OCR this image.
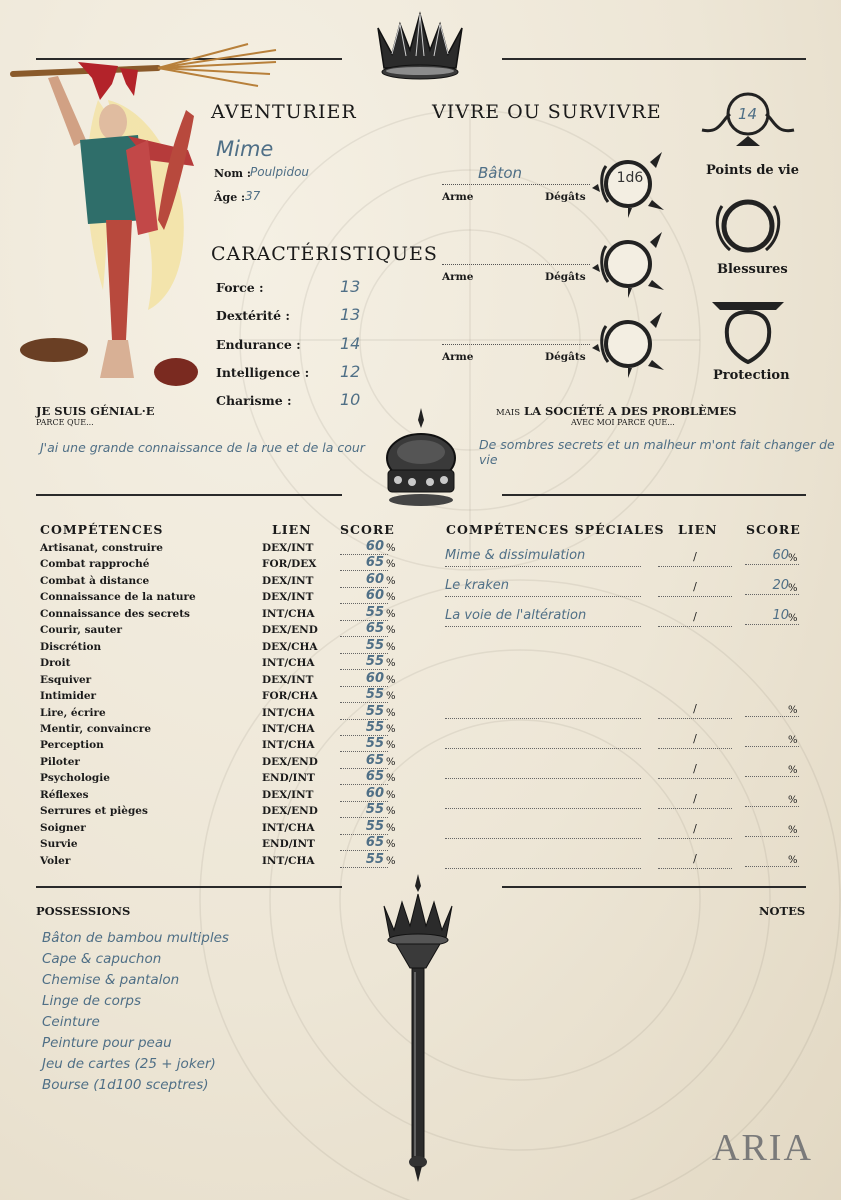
AVENTURIER
Mime
Nom : Poulpidou
Âge : 37
CARACTÉRISTIQUES
VIVRE OU SURVIVRE	14
Points de vie
Blessures
Protection
JE SUIS GÉNIAL·E
PARCE QUE...
J'ai une grande connaissance de la rue et de la cour
MAIS LA SOCIÉTÉ A DES PROBLÈMES
AVEC MOI PARCE QUE...
De sombres secrets et un malheur m'ont fait changer de vie
COMPÉTENCES	LIEN SCORE	COMPÉTENCES SPÉCIALES LIEN SCORE
POSSESSIONS	NOTES
ARIA
Force :	13
Dextérité :	13
Endurance : 14
Intelligence : 12
Charisme :	10
Bâton
Arme	Dégâts
1d6
Arme	Dégâts
Arme	Dégâts
Artisanat, construire	DEX/INT	60 %
Combat rapproché	FOR/DEX	65 %
Combat à distance	DEX/INT	60 %
Connaissance de la nature	DEX/INT	60 %
Connaissance des secrets	INT/CHA	55 %
Courir, sauter	DEX/END	65 %
Discrétion	DEX/CHA	55 %
Droit	INT/CHA	55 %
Esquiver	DEX/INT	60 %
Intimider	FOR/CHA	55 %
Lire, écrire	INT/CHA	55 %
Mentir, convaincre	INT/CHA	55 %
Perception	INT/CHA	55 %
Piloter	DEX/END	65 %
Psychologie	END/INT	65 %
Réflexes	DEX/INT	60 %
Serrures et pièges	DEX/END	55 %
Soigner	INT/CHA	55 %
Survie	END/INT	65 %
Voler	INT/CHA	55 %
Mime & dissimulation	/	60 %
Le kraken	/	20 %
La voie de l'altération	/	10 %
/	%
/	%
/	%
/	%
/	%
/	%
Bâton de bambou multiples
Cape & capuchon
Chemise & pantalon
Linge de corps
Ceinture
Peinture pour peau
Jeu de cartes (25 + joker)
Bourse (1d100 sceptres)
